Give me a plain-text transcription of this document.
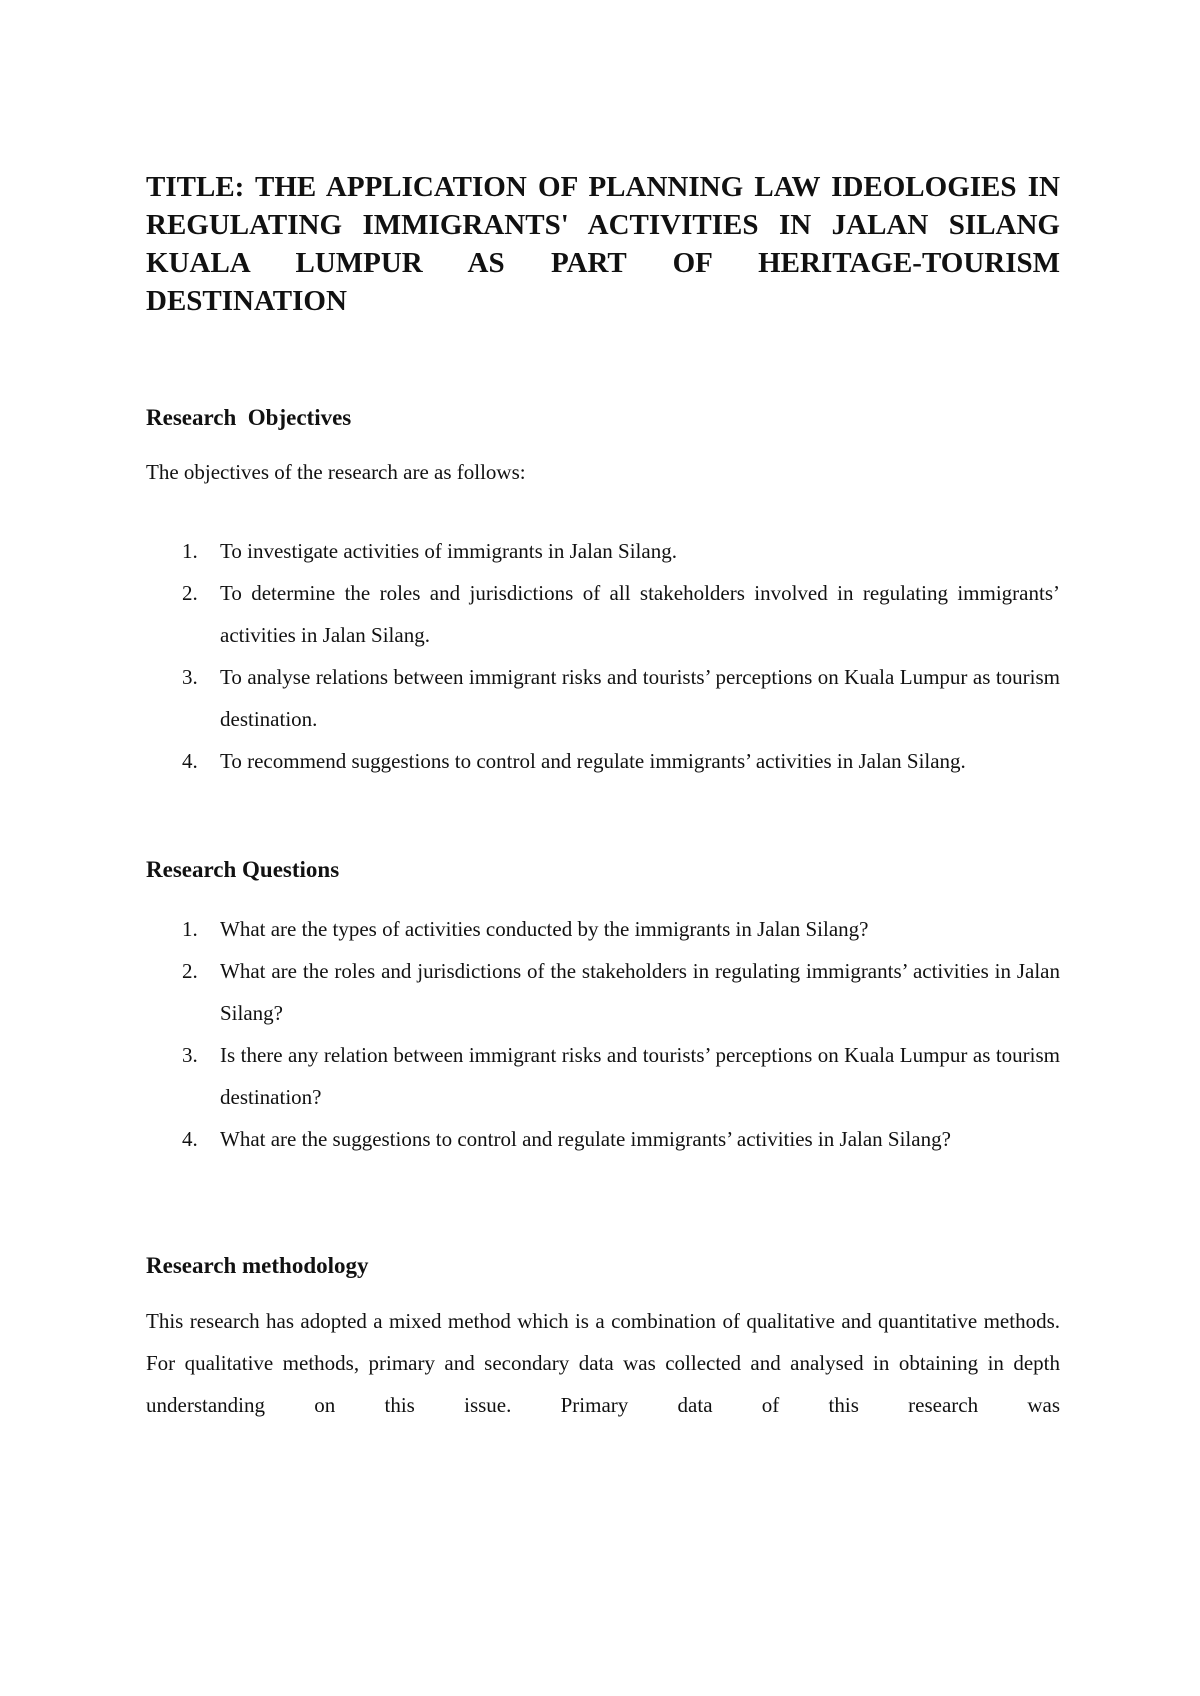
TITLE: THE APPLICATION OF PLANNING LAW IDEOLOGIES IN REGULATING IMMIGRANTS' ACTIVITIES IN JALAN SILANG KUALA LUMPUR AS PART OF HERITAGE-TOURISM DESTINATION
Research  Objectives

The objectives of the research are as follows:

1. To investigate activities of immigrants in Jalan Silang.
2. To determine the roles and jurisdictions of all stakeholders involved in regulating immigrants’ activities in Jalan Silang.
3. To analyse relations between immigrant risks and tourists’ perceptions on Kuala Lumpur as tourism destination.
4. To recommend suggestions to control and regulate immigrants’ activities in Jalan Silang.
Research Questions
1. What are the types of activities conducted by the immigrants in Jalan Silang?
2. What are the roles and jurisdictions of the stakeholders in regulating immigrants’ activities in Jalan Silang?
3. Is there any relation between immigrant risks and tourists’ perceptions on Kuala Lumpur as tourism destination?
4. What are the suggestions to control and regulate immigrants’ activities in Jalan Silang?
Research methodology

This research has adopted a mixed method which is a combination of qualitative and quantitative methods. For qualitative methods, primary and secondary data was collected and analysed in obtaining in depth understanding on this issue. Primary data of this research was
